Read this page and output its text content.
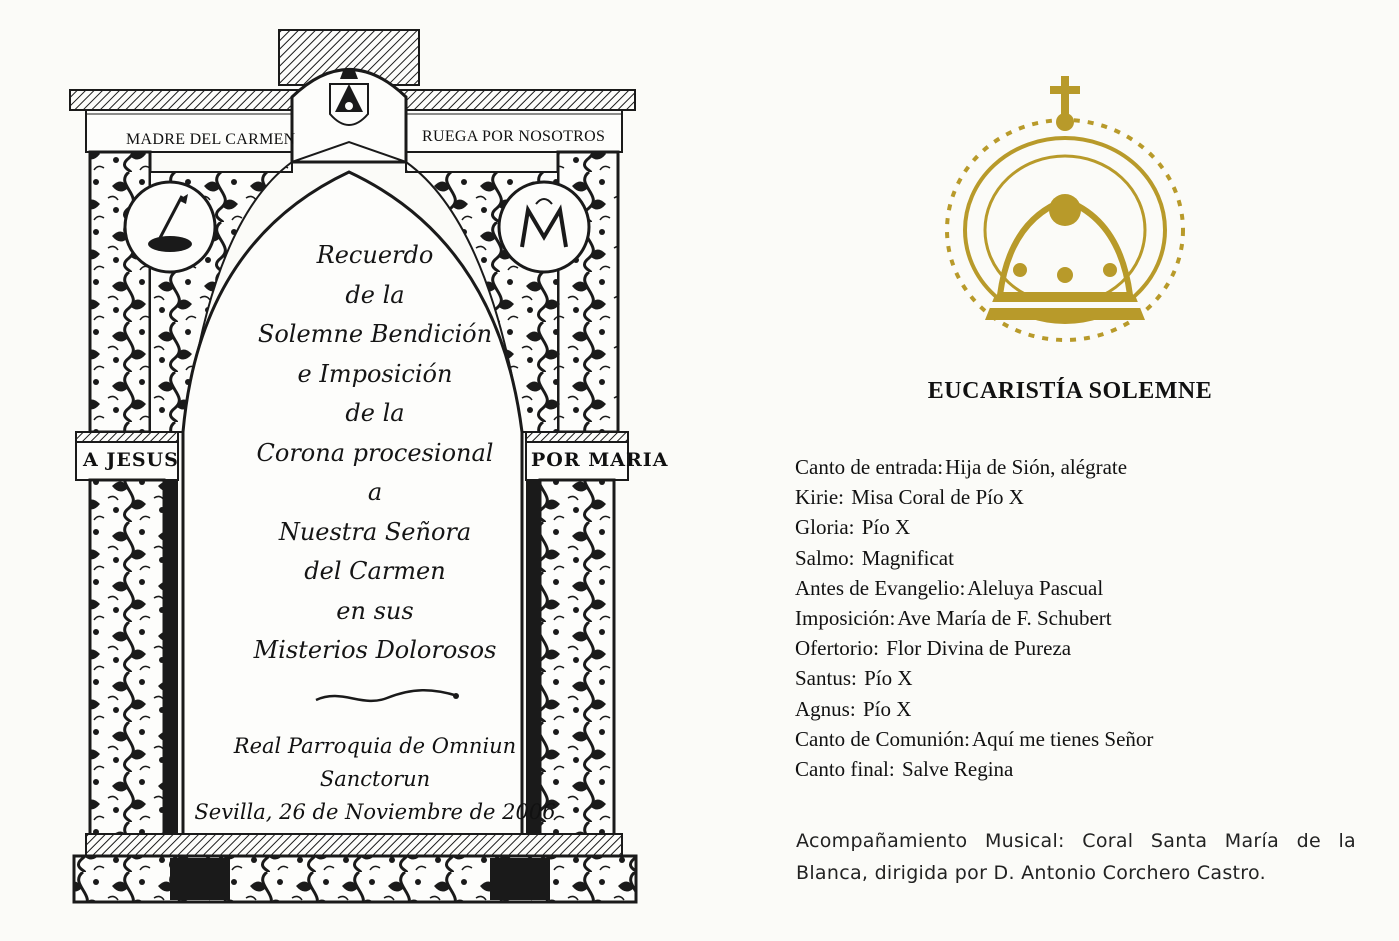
MADRE DEL CARMEN	RUEGA POR NOSOTROS
A JESUS	POR MARIA
Recuerdo
de la
Solemne Bendición
e Imposición
de la
Corona procesional
a
Nuestra Señora
del Carmen
en sus
Misterios Dolorosos
Real Parroquia de Omniun
Sanctorun
Sevilla, 26 de Noviembre de 2006
EUCARISTÍA SOLEMNE
Canto de entrada:Hija de Sión, alégrate
Kirie: Misa Coral de Pío X
Gloria: Pío X
Salmo: Magnificat
Antes de Evangelio:Aleluya Pascual
Imposición:Ave María de F. Schubert
Ofertorio: Flor Divina de Pureza
Santus: Pío X
Agnus: Pío X
Canto de Comunión:Aquí me tienes Señor
Canto final: Salve Regina

Acompañamiento Musical: Coral Santa María de la Blanca, dirigida por D. Antonio Corchero Castro.
